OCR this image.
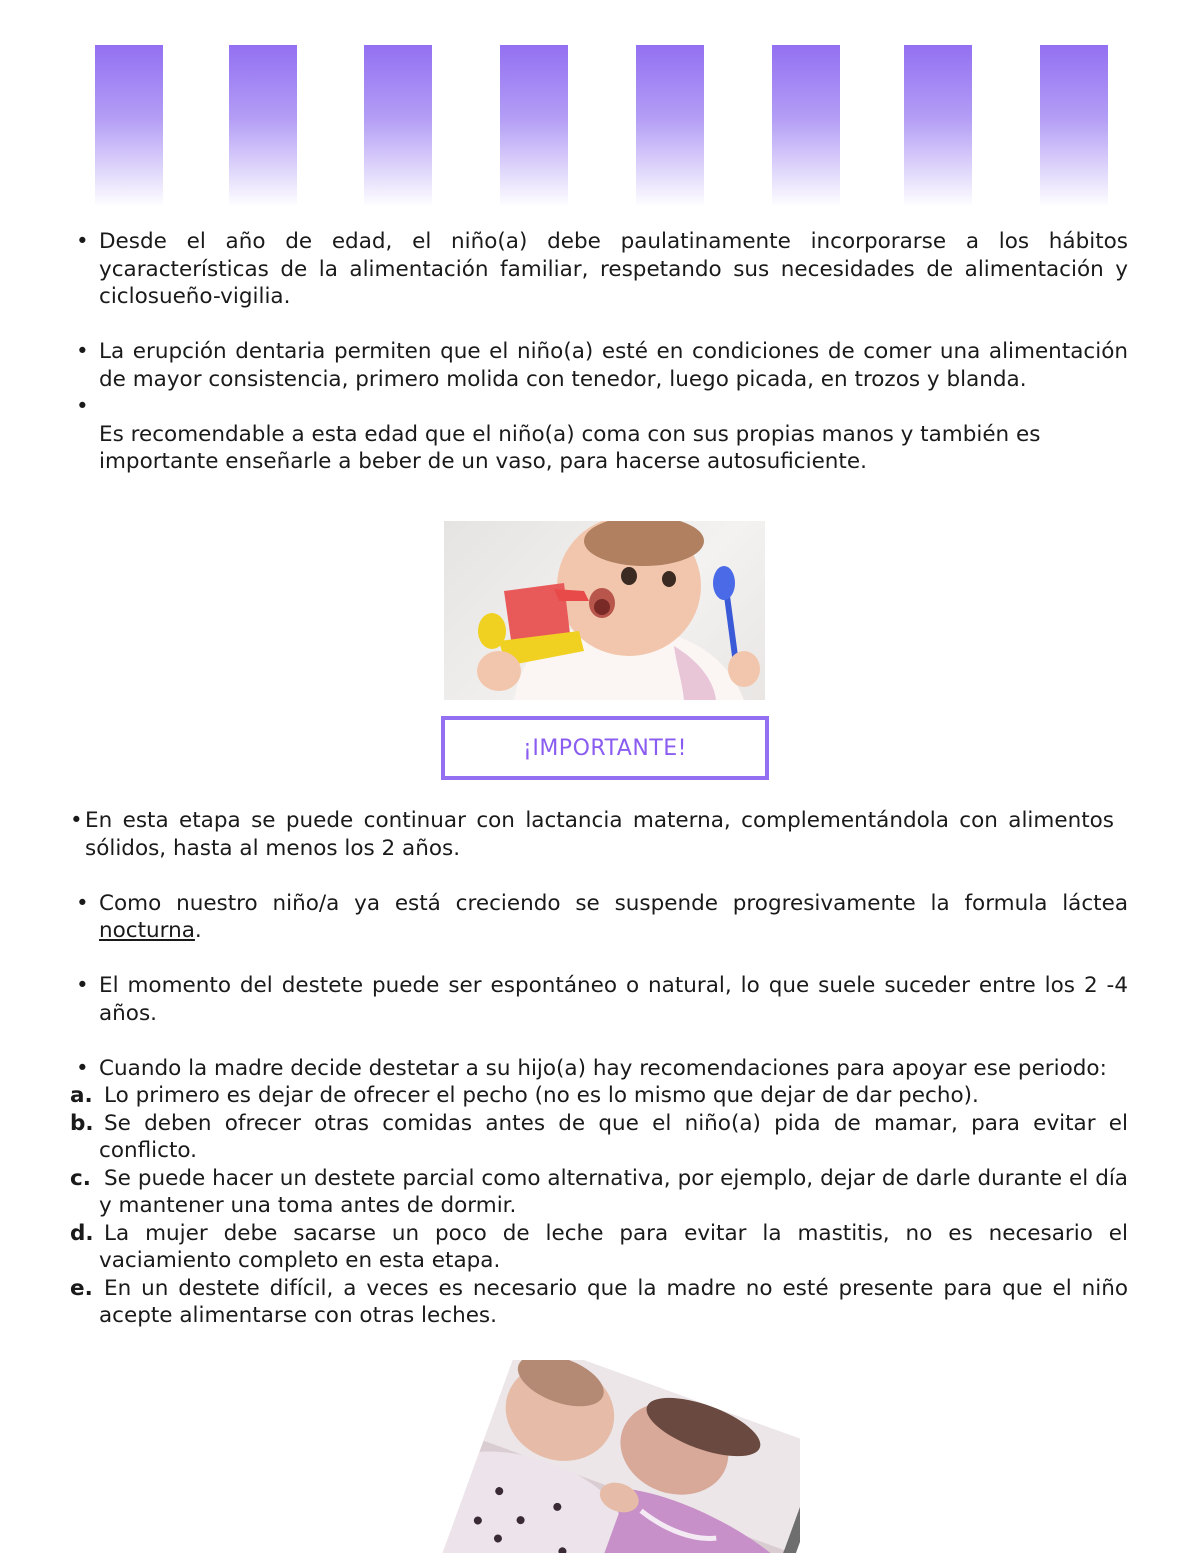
• Desde el año de edad, el niño(a) debe paulatinamente incorporarse a los hábitos ycaracterísticas de la alimentación familiar, respetando sus necesidades de alimentación y ciclosueño-vigilia.
• La erupción dentaria permiten que el niño(a) esté en condiciones de comer una alimentación de mayor consistencia, primero molida con tenedor, luego picada, en trozos y blanda.
•
Es recomendable a esta edad que el niño(a) coma con sus propias manos y también es importante enseñarle a beber de un vaso, para hacerse autosuficiente.
¡IMPORTANTE!
• En esta etapa se puede continuar con lactancia materna, complementándola con alimentos sólidos, hasta al menos los 2 años.
• Como nuestro niño/a ya está creciendo se suspende progresivamente la formula láctea nocturna.
• El momento del destete puede ser espontáneo o natural, lo que suele suceder entre los 2 -4 años.
• Cuando la madre decide destetar a su hijo(a) hay recomendaciones para apoyar ese periodo:
a. Lo primero es dejar de ofrecer el pecho (no es lo mismo que dejar de dar pecho).
b. Se deben ofrecer otras comidas antes de que el niño(a) pida de mamar, para evitar el conflicto.
c. Se puede hacer un destete parcial como alternativa, por ejemplo, dejar de darle durante el día y mantener una toma antes de dormir.
d. La mujer debe sacarse un poco de leche para evitar la mastitis, no es necesario el vaciamiento completo en esta etapa.
e. En un destete difícil, a veces es necesario que la madre no esté presente para que el niño acepte alimentarse con otras leches.
